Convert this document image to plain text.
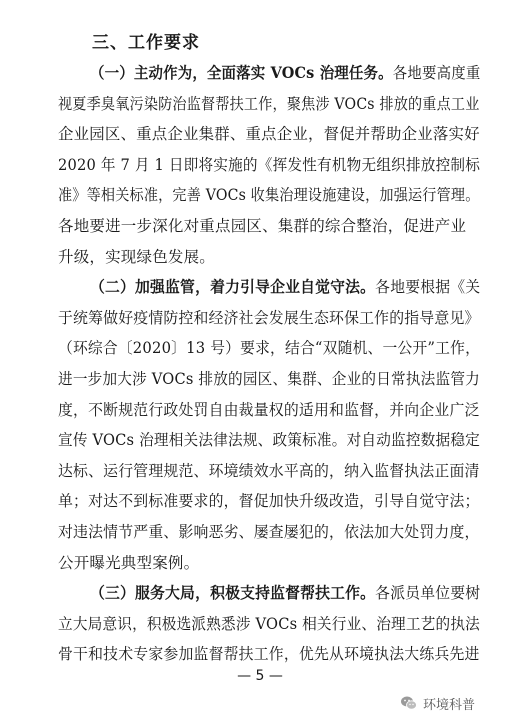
三、工作要求
（一）主动作为，全面落实 VOCs 治理任务。各地要高度重
视夏季臭氧污染防治监督帮扶工作，聚焦涉 VOCs 排放的重点工业
企业园区、重点企业集群、重点企业，督促并帮助企业落实好
2020 年 7 月 1 日即将实施的《挥发性有机物无组织排放控制标
准》等相关标准，完善 VOCs 收集治理设施建设，加强运行管理。
各地要进一步深化对重点园区、集群的综合整治，促进产业
升级，实现绿色发展。
（二）加强监管，着力引导企业自觉守法。各地要根据《关
于统筹做好疫情防控和经济社会发展生态环保工作的指导意见》
（环综合〔2020〕13 号）要求，结合“双随机、一公开”工作，
进一步加大涉 VOCs 排放的园区、集群、企业的日常执法监管力
度，不断规范行政处罚自由裁量权的适用和监督，并向企业广泛
宣传 VOCs 治理相关法律法规、政策标准。对自动监控数据稳定
达标、运行管理规范、环境绩效水平高的，纳入监督执法正面清
单；对达不到标准要求的，督促加快升级改造，引导自觉守法；
对违法情节严重、影响恶劣、屡查屡犯的，依法加大处罚力度，
公开曝光典型案例。
（三）服务大局，积极支持监督帮扶工作。各派员单位要树
立大局意识，积极选派熟悉涉 VOCs 相关行业、治理工艺的执法
骨干和技术专家参加监督帮扶工作，优先从环境执法大练兵先进
— 5 —
环境科普
